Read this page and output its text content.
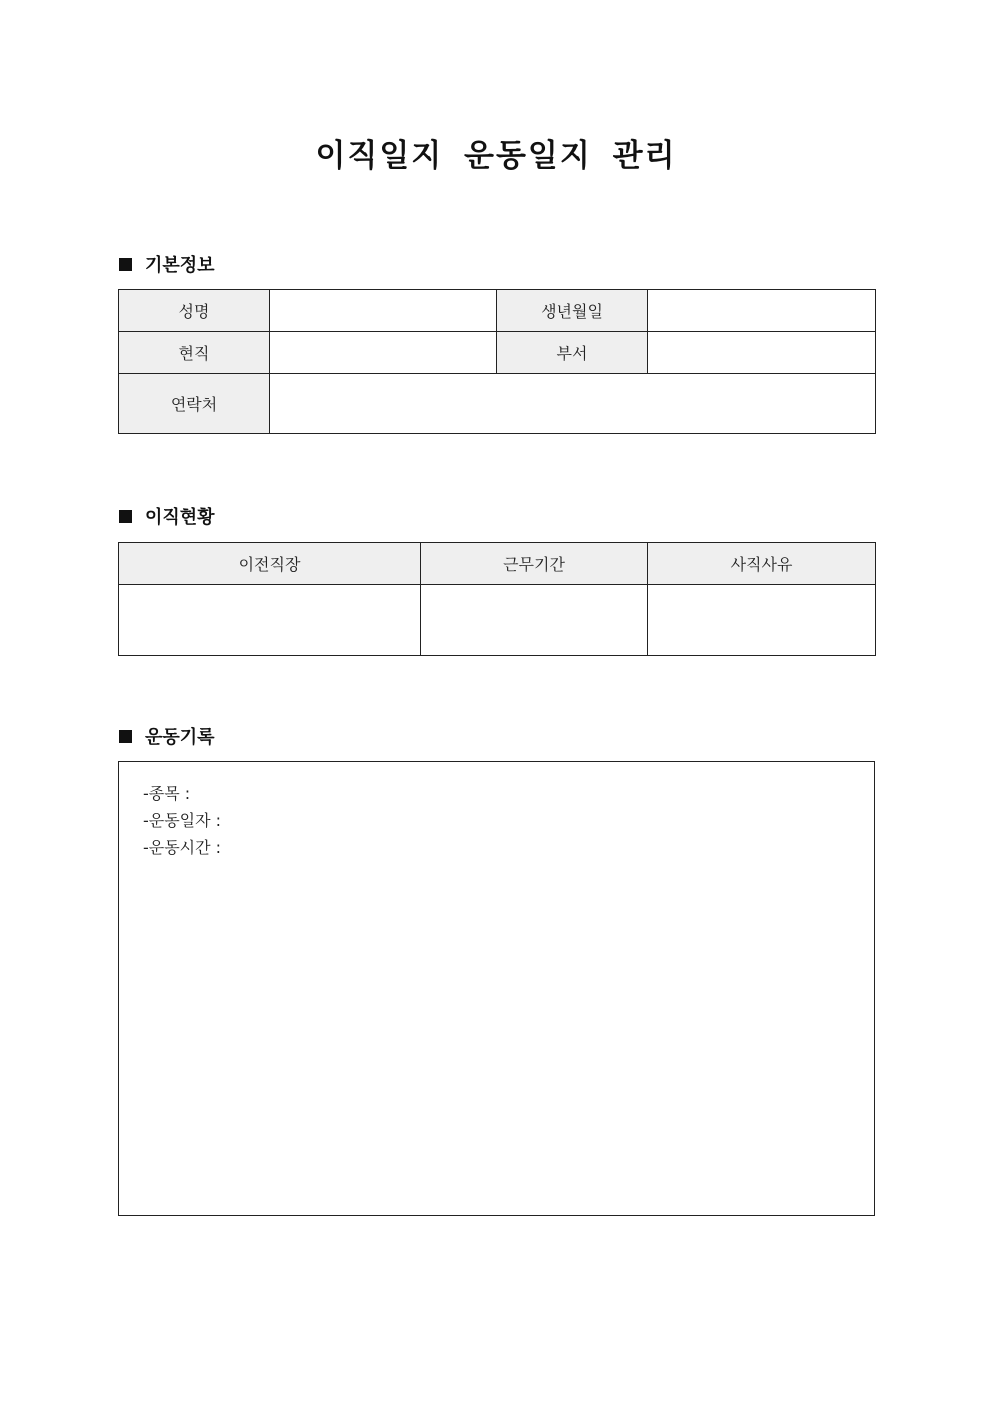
이직일지 운동일지 관리
기본정보
성명		생년월일	
현직		부서	
연락처			
이직현황
이전직장	근무기간	사직사유

운동기록
-종목 :
-운동일자 :
-운동시간 :
